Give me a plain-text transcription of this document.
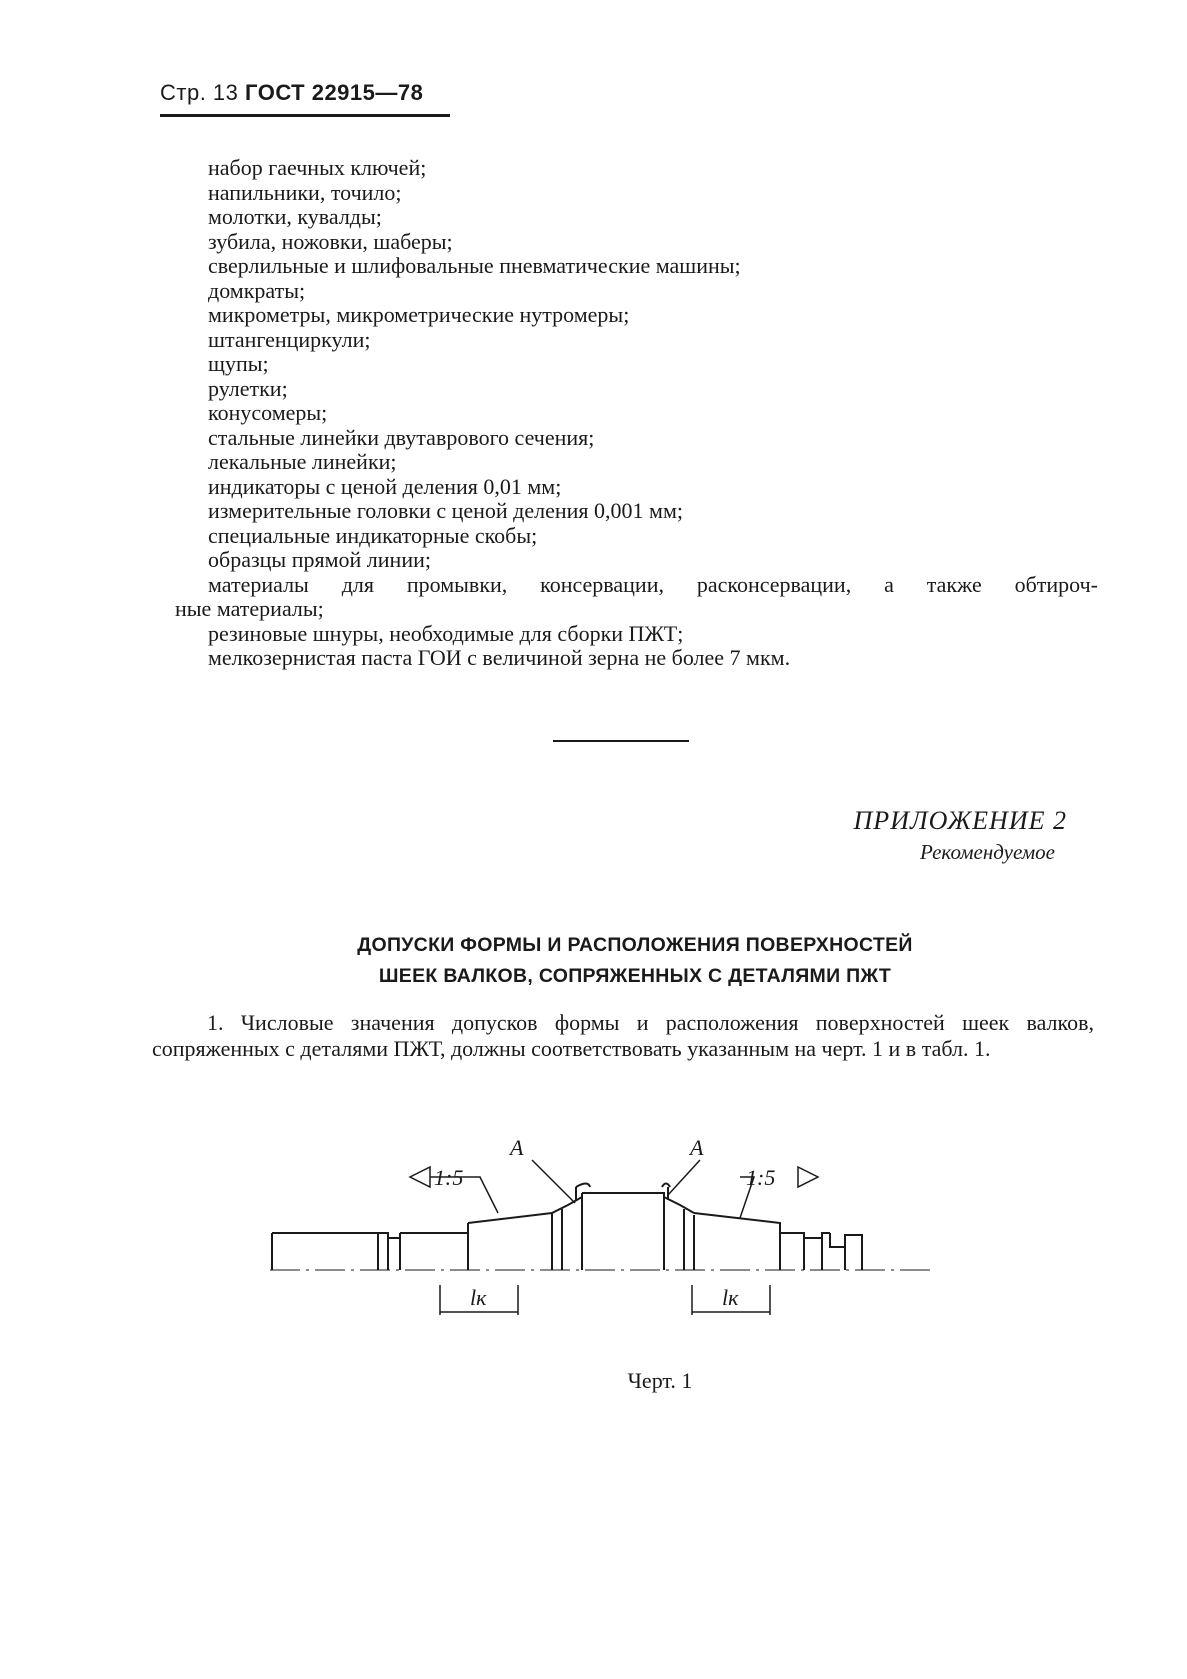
Стр. 13 ГОСТ 22915—78
набор гаечных ключей;
напильники, точило;
молотки, кувалды;
зубила, ножовки, шаберы;
сверлильные и шлифовальные пневматические машины;
домкраты;
микрометры, микрометрические нутромеры;
штангенциркули;
щупы;
рулетки;
конусомеры;
стальные линейки двутаврового сечения;
лекальные линейки;
индикаторы с ценой деления 0,01 мм;
измерительные головки с ценой деления 0,001 мм;
специальные индикаторные скобы;
образцы прямой линии;
материалы для промывки, консервации, расконсервации, а также обтироч-
ные материалы;
резиновые шнуры, необходимые для сборки ПЖТ;
мелкозернистая паста ГОИ с величиной зерна не более 7 мкм.
ПРИЛОЖЕНИЕ 2
Рекомендуемое
ДОПУСКИ ФОРМЫ И РАСПОЛОЖЕНИЯ ПОВЕРХНОСТЕЙ
ШЕЕК ВАЛКОВ, СОПРЯЖЕННЫХ С ДЕТАЛЯМИ ПЖТ
1. Числовые значения допусков формы и расположения поверхностей шеек валков, сопряженных с деталями ПЖТ, должны соответствовать указанным на черт. 1 и в табл. 1.
A	A
1:5	1:5
lк	lк
Черт. 1
